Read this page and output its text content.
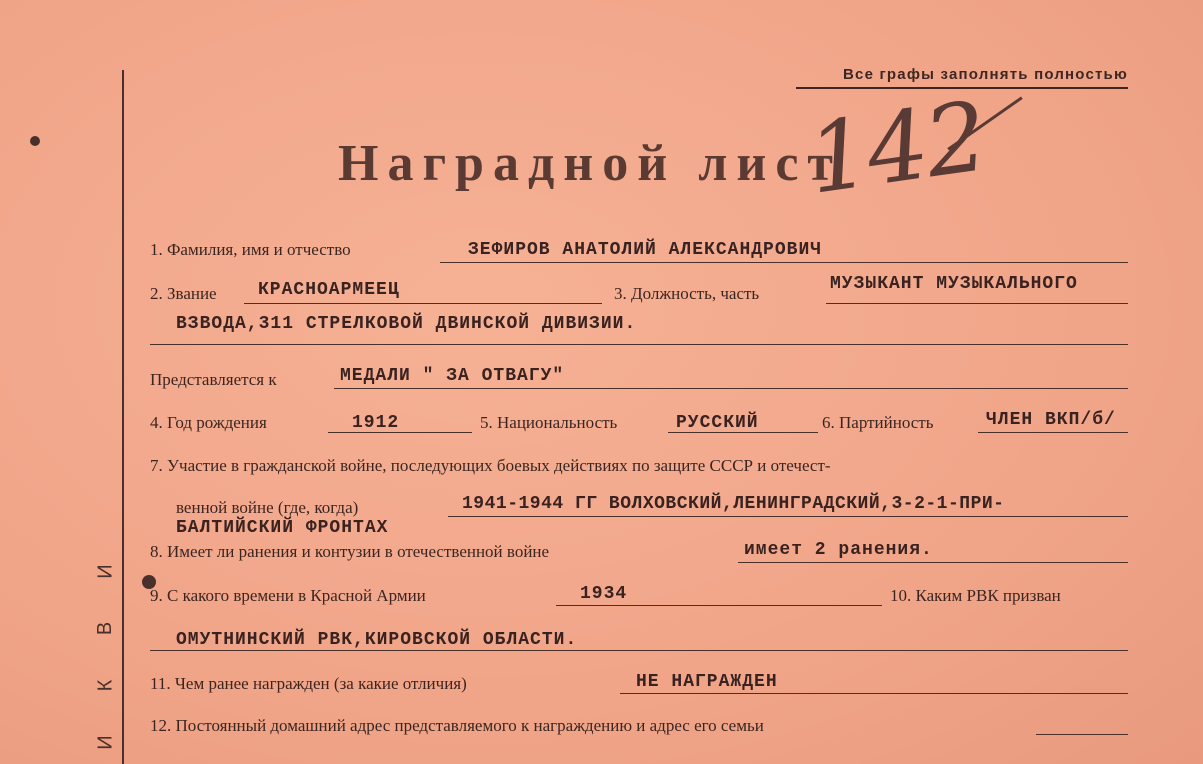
И
В
К
И
Все графы заполнять полностью
Наградной лист
142
1. Фамилия, имя и отчество	ЗЕФИРОВ АНАТОЛИЙ АЛЕКСАНДРОВИЧ
2. Звание КРАСНОАРМЕЕЦ	3. Должность, часть	МУЗЫКАНТ МУЗЫКАЛЬНОГО
ВЗВОДА,311 СТРЕЛКОВОЙ ДВИНСКОЙ ДИВИЗИИ.
Представляется к	МЕДАЛИ " ЗА ОТВАГУ"
4. Год рождения	1912	5. Национальность	РУССКИЙ	6. Партийность	ЧЛЕН ВКП/б/
7. Участие в гражданской войне, последующих боевых действиях по защите СССР и отечест-
венной войне (где, когда)	1941-1944 ГГ ВОЛХОВСКИЙ,ЛЕНИНГРАДСКИЙ,3-2-1-ПРИ-
БАЛТИЙСКИЙ ФРОНТАХ
8. Имеет ли ранения и контузии в отечественной войне	имеет 2 ранения.
9. С какого времени в Красной Армии	1934	10. Каким РВК призван
ОМУТНИНСКИЙ РВК,КИРОВСКОЙ ОБЛАСТИ.
11. Чем ранее награжден (за какие отличия)	НЕ НАГРАЖДЕН
12. Постоянный домашний адрес представляемого к награждению и адрес его семьи
